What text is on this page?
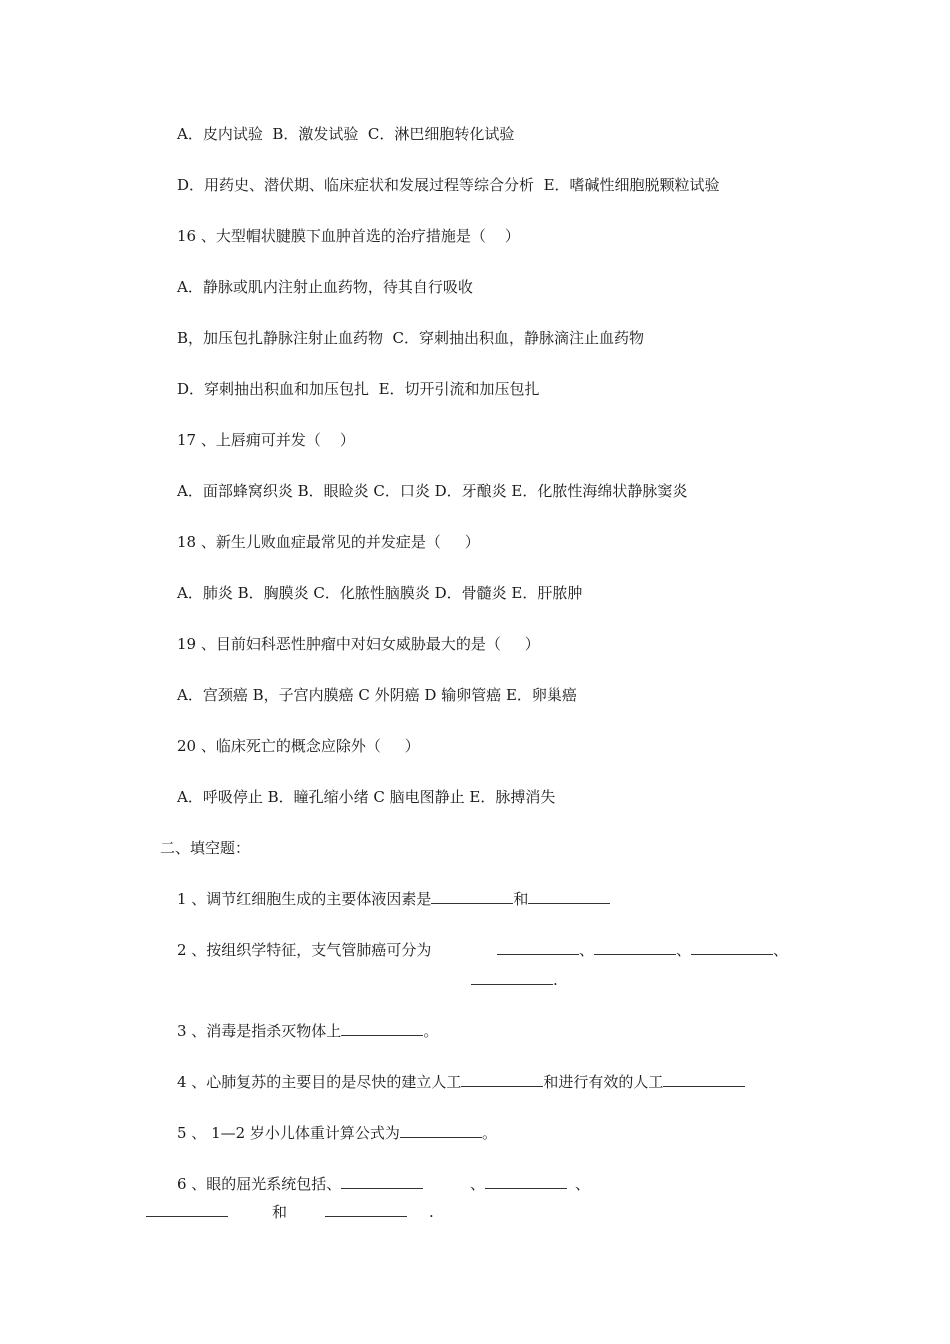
A．皮内试验  B．激发试验  C．淋巴细胞转化试验
D．用药史、潜伏期、临床症状和发展过程等综合分析  E．嗜碱性细胞脱颗粒试验
16 、大型帽状腱膜下血肿首选的治疗措施是（    ）
A．静脉或肌内注射止血药物，待其自行吸收
B，加压包扎静脉注射止血药物  C．穿刺抽出积血，静脉滴注止血药物
D．穿刺抽出积血和加压包扎  E．切开引流和加压包扎
17 、上唇痈可并发（    ）
A．面部蜂窝织炎 B．眼睑炎 C．口炎 D．牙酿炎 E．化脓性海绵状静脉窦炎
18 、新生儿败血症最常见的并发症是（     ）
A．肺炎 B．胸膜炎 C．化脓性脑膜炎 D．骨髓炎 E．肝脓肿
19 、目前妇科恶性肿瘤中对妇女威胁最大的是（     ）
A．宫颈癌 B，子宫内膜癌 C 外阴癌 D 输卵管癌 E．卵巢癌
20 、临床死亡的概念应除外（     ）
A．呼吸停止 B．瞳孔缩小绪 C 脑电图静止 E．脉搏消失
二、填空题：
1 、调节红细胞生成的主要体液因素是	和
2 、按组织学特征，支气管肺癌可分为	、	、	、
.
3 、消毒是指杀灭物体上	。
4 、心肺复苏的主要目的是尽快的建立人工	和进行有效的人工
5 、 1—2 岁小儿体重计算公式为	。
6 、眼的屈光系统包括、	、	、
和	.
